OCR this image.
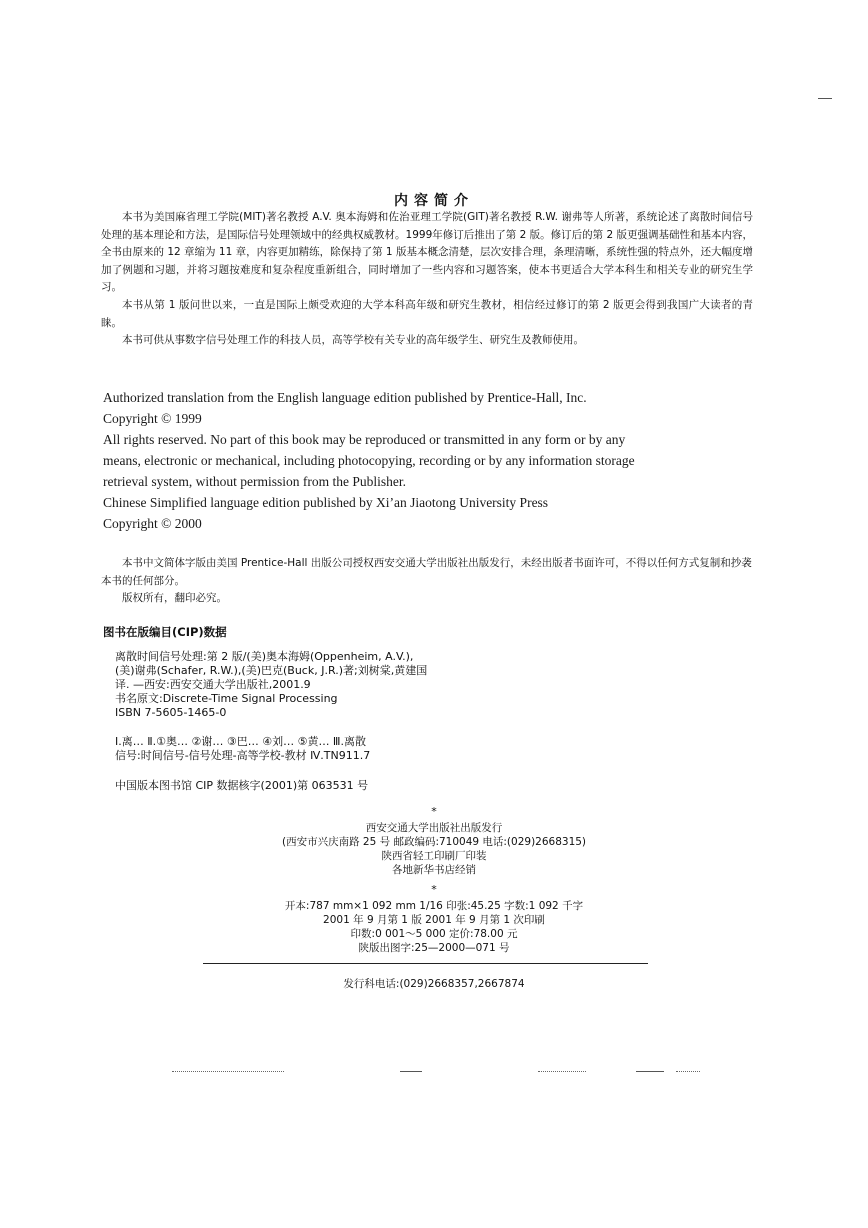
内容简介

本书为美国麻省理工学院(MIT)著名教授 A.V. 奥本海姆和佐治亚理工学院(GIT)著名教授 R.W. 谢弗等人所著，系统论述了离散时间信号处理的基本理论和方法，是国际信号处理领域中的经典权威教材。1999年修订后推出了第 2 版。修订后的第 2 版更强调基础性和基本内容，全书由原来的 12 章缩为 11 章，内容更加精练，除保持了第 1 版基本概念清楚，层次安排合理，条理清晰，系统性强的特点外，还大幅度增加了例题和习题，并将习题按难度和复杂程度重新组合，同时增加了一些内容和习题答案，使本书更适合大学本科生和相关专业的研究生学习。

本书从第 1 版问世以来，一直是国际上颇受欢迎的大学本科高年级和研究生教材，相信经过修订的第 2 版更会得到我国广大读者的青睐。

本书可供从事数字信号处理工作的科技人员，高等学校有关专业的高年级学生、研究生及教师使用。

Authorized translation from the English language edition published by Prentice-Hall, Inc.
Copyright © 1999
All rights reserved. No part of this book may be reproduced or transmitted in any form or by any
means, electronic or mechanical, including photocopying, recording or by any information storage
retrieval system, without permission from the Publisher.
Chinese Simplified language edition published by Xi’an Jiaotong University Press
Copyright © 2000

本书中文简体字版由美国 Prentice-Hall 出版公司授权西安交通大学出版社出版发行，未经出版者书面许可，不得以任何方式复制和抄袭本书的任何部分。

版权所有，翻印必究。

图书在版编目(CIP)数据
离散时间信号处理:第 2 版/(美)奥本海姆(Oppenheim, A.V.),
(美)谢弗(Schafer, R.W.),(美)巴克(Buck, J.R.)著;刘树棠,黄建国
译. —西安:西安交通大学出版社,2001.9
书名原文:Discrete-Time Signal Processing
ISBN 7-5605-1465-0
Ⅰ.离… Ⅱ.①奥… ②谢… ③巴… ④刘… ⑤黄… Ⅲ.离散
信号:时间信号-信号处理-高等学校-教材 Ⅳ.TN911.7
中国版本图书馆 CIP 数据核字(2001)第 063531 号
*
西安交通大学出版社出版发行
(西安市兴庆南路 25 号 邮政编码:710049 电话:(029)2668315)
陕西省轻工印刷厂印装
各地新华书店经销
*
开本:787 mm×1 092 mm 1/16 印张:45.25 字数:1 092 千字
2001 年 9 月第 1 版 2001 年 9 月第 1 次印刷
印数:0 001～5 000 定价:78.00 元
陕版出图字:25—2000—071 号
发行科电话:(029)2668357,2667874
